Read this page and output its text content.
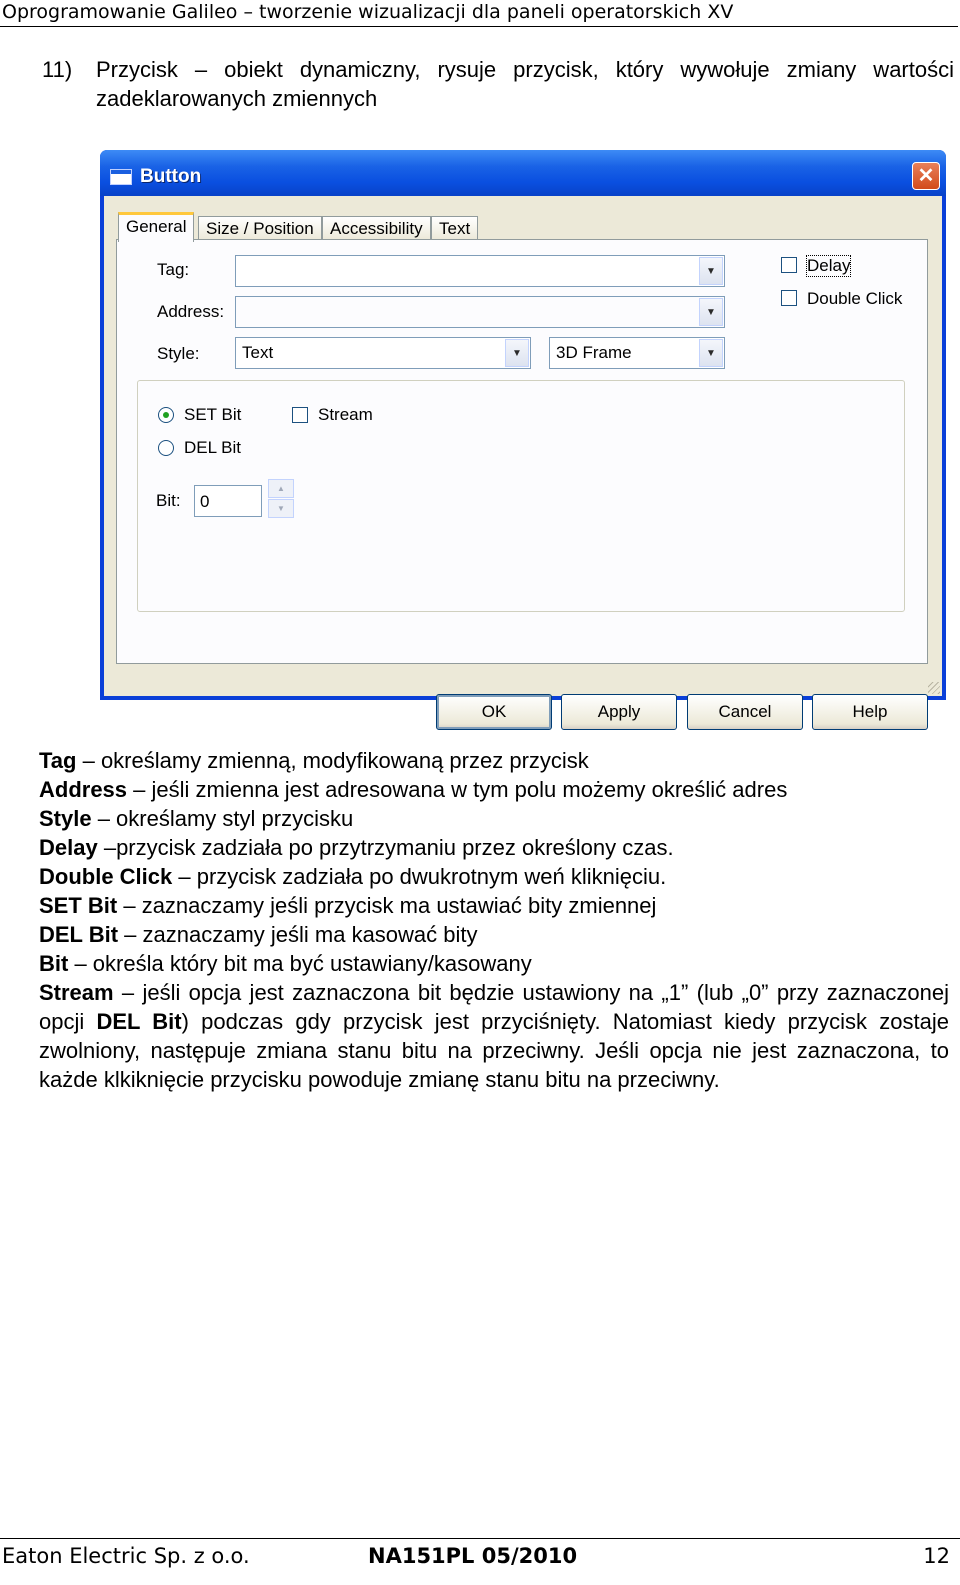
Oprogramowanie Galileo – tworzenie wizualizacji dla paneli operatorskich XV
11) Przycisk – obiekt dynamiczny, rysuje przycisk, który wywołuje zmiany wartości zadeklarowanych zmiennych
Button	✕
General	Size / Position Accessibility Text
Tag:	▼
Address:	▼
Style: Text	▼	3D Frame	▼
Delay
Double Click
SET Bit
DEL Bit
Stream
Bit: 0
▲
▼
OK	Apply	Cancel	Help

Tag – określamy zmienną, modyfikowaną przez przycisk

Address – jeśli zmienna jest adresowana w tym polu możemy określić adres

Style – określamy styl przycisku

Delay –przycisk zadziała po przytrzymaniu przez określony czas.

Double Click – przycisk zadziała po dwukrotnym weń kliknięciu.

SET Bit – zaznaczamy jeśli przycisk ma ustawiać bity zmiennej

DEL Bit – zaznaczamy jeśli ma kasować bity

Bit – określa który bit ma być ustawiany/kasowany

Stream – jeśli opcja jest zaznaczona bit będzie ustawiony na „1” (lub „0” przy zaznaczonej opcji DEL Bit) podczas gdy przycisk jest przyciśnięty. Natomiast kiedy przycisk zostaje zwolniony, następuje zmiana stanu bitu na przeciwny. Jeśli opcja nie jest zaznaczona, to każde klkiknięcie przycisku powoduje zmianę stanu bitu na przeciwny.

Eaton Electric Sp. z o.o.	NA151PL 05/2010	12
